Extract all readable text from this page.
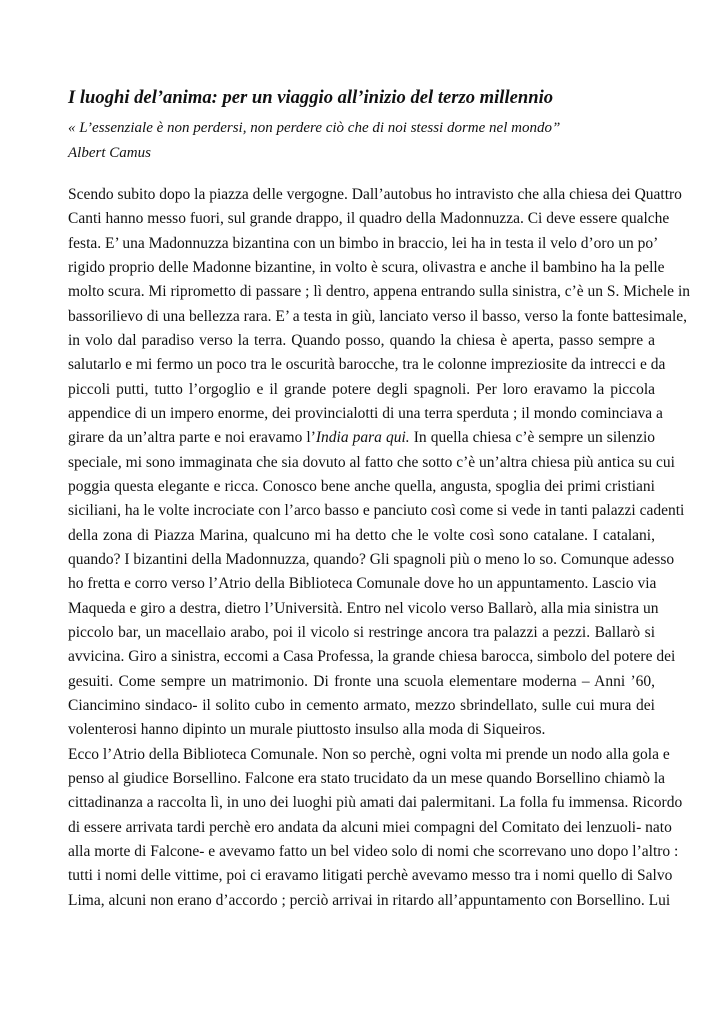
I luoghi del’anima: per un viaggio all’inizio del terzo millennio
« L’essenziale è non perdersi, non perdere ciò che di noi stessi dorme nel mondo”
Albert Camus
Scendo subito dopo la piazza delle vergogne. Dall’autobus ho intravisto che alla chiesa dei Quattro
Canti hanno messo fuori, sul grande drappo, il quadro della Madonnuzza. Ci deve essere qualche
festa. E’ una Madonnuzza bizantina con un bimbo in braccio, lei ha in testa il velo d’oro un po’
rigido proprio delle Madonne bizantine, in volto è scura, olivastra e anche il bambino ha la pelle
molto scura. Mi riprometto di passare ; lì dentro, appena entrando sulla sinistra, c’è un S. Michele in
bassorilievo di una bellezza rara. E’ a testa in giù, lanciato verso il basso, verso la fonte battesimale,
in volo dal paradiso verso la terra. Quando posso, quando la chiesa è aperta, passo sempre a
salutarlo e mi fermo un poco tra le oscurità barocche, tra le colonne impreziosite da intrecci e da
piccoli putti, tutto l’orgoglio e il grande potere degli spagnoli. Per loro eravamo la piccola
appendice di un impero enorme, dei provincialotti di una terra sperduta ; il mondo cominciava a
girare da un’altra parte e noi eravamo l’India para qui. In quella chiesa c’è sempre un silenzio
speciale, mi sono immaginata che sia dovuto al fatto che sotto c’è un’altra chiesa più antica su cui
poggia questa elegante e ricca. Conosco bene anche quella, angusta, spoglia dei primi cristiani
siciliani, ha le volte incrociate con l’arco basso e panciuto così come si vede in tanti palazzi cadenti
della zona di Piazza Marina, qualcuno mi ha detto che le volte così sono catalane. I catalani,
quando? I bizantini della Madonnuzza, quando? Gli spagnoli più o meno lo so. Comunque adesso
ho fretta e corro verso l’Atrio della Biblioteca Comunale dove ho un appuntamento. Lascio via
Maqueda e giro a destra, dietro l’Università. Entro nel vicolo verso Ballarò, alla mia sinistra un
piccolo bar, un macellaio arabo, poi il vicolo si restringe ancora tra palazzi a pezzi. Ballarò si
avvicina. Giro a sinistra, eccomi a Casa Professa, la grande chiesa barocca, simbolo del potere dei
gesuiti. Come sempre un matrimonio. Di fronte una scuola elementare moderna – Anni ’60,
Ciancimino sindaco- il solito cubo in cemento armato, mezzo sbrindellato, sulle cui mura dei
volenterosi hanno dipinto un murale piuttosto insulso alla moda di Siqueiros.
Ecco l’Atrio della Biblioteca Comunale. Non so perchè, ogni volta mi prende un nodo alla gola e
penso al giudice Borsellino. Falcone era stato trucidato da un mese quando Borsellino chiamò la
cittadinanza a raccolta lì, in uno dei luoghi più amati dai palermitani. La folla fu immensa. Ricordo
di essere arrivata tardi perchè ero andata da alcuni miei compagni del Comitato dei lenzuoli- nato
alla morte di Falcone- e avevamo fatto un bel video solo di nomi che scorrevano uno dopo l’altro :
tutti i nomi delle vittime, poi ci eravamo litigati perchè avevamo messo tra i nomi quello di Salvo
Lima, alcuni non erano d’accordo ; perciò arrivai in ritardo all’appuntamento con Borsellino. Lui
